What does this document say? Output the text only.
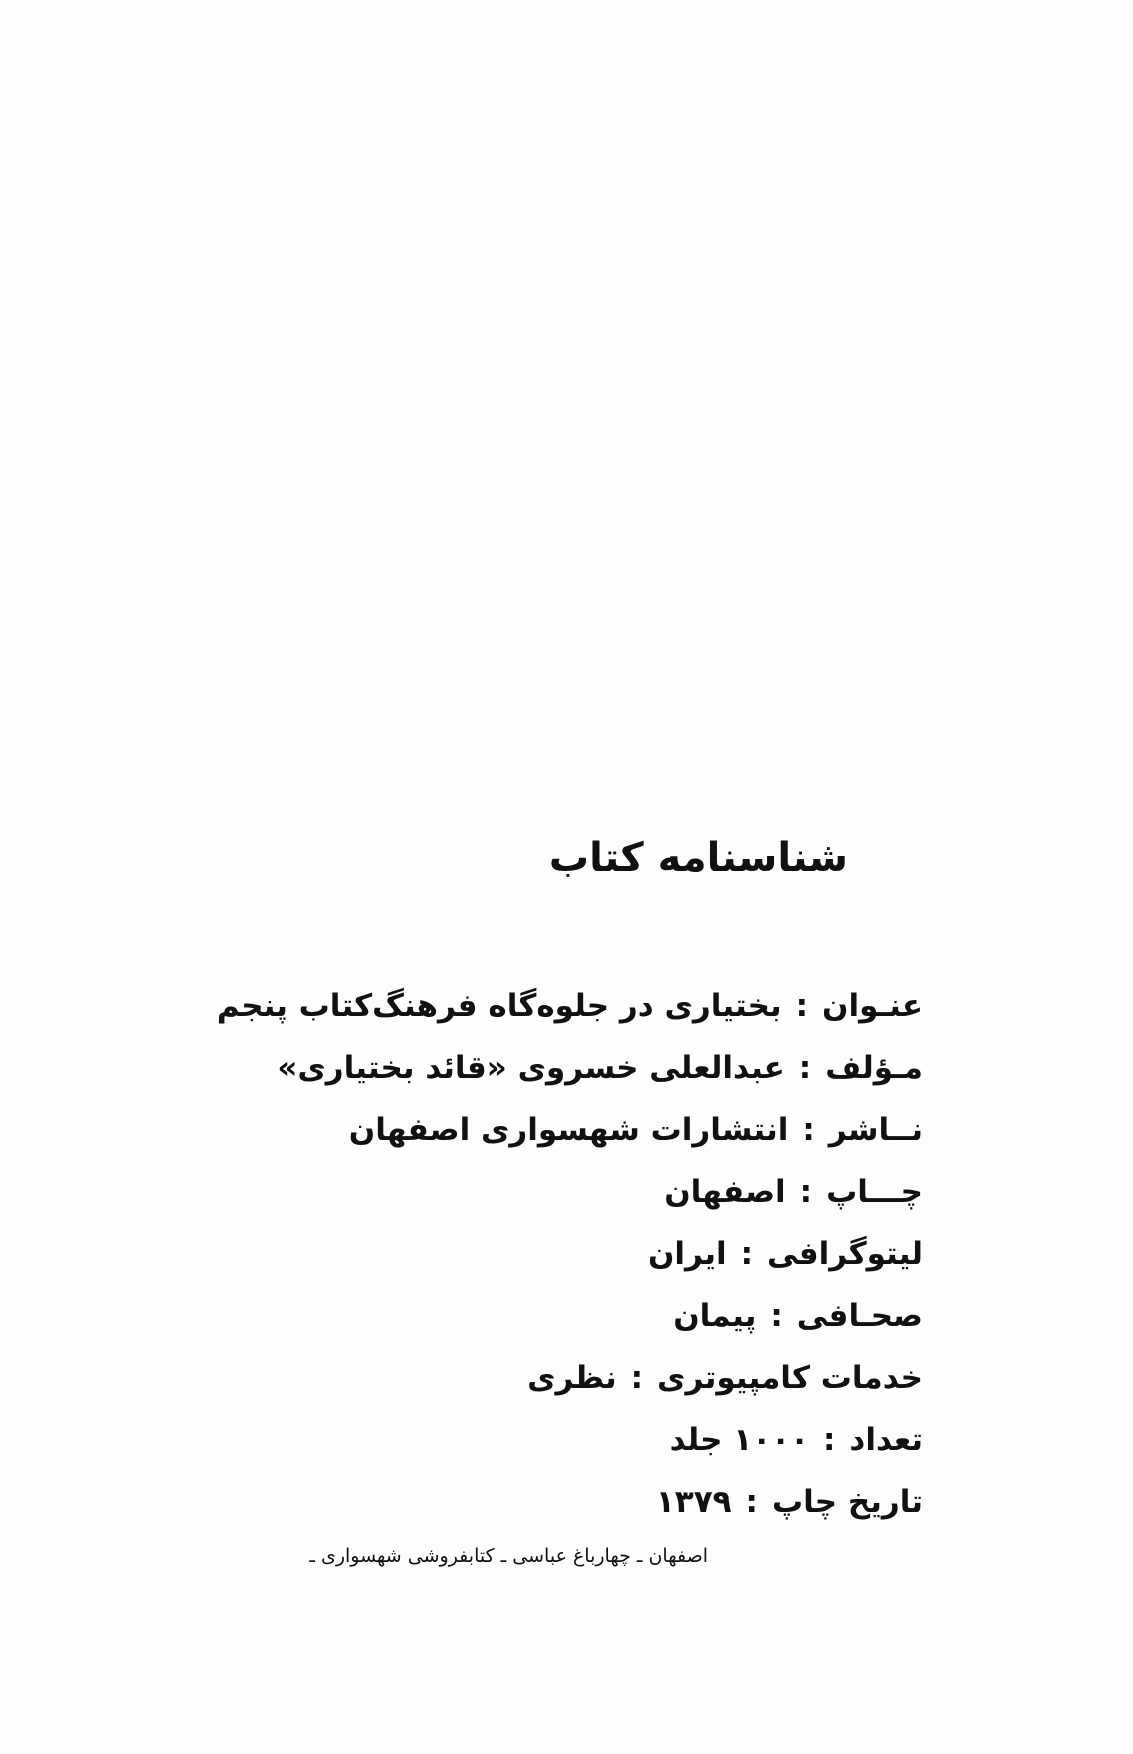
شناسنامه کتاب
عنـوان
:
بختیاری در جلوه‌گاه فرهنگ‌کتاب پنجم
مـؤلف
:
عبدالعلی خسروی «قائد بختیاری»
نــاشر
:
انتشارات شهسواری اصفهان
چـــاپ
:
اصفهان
لیتوگرافی
:
ایران
صحـافی
:
پیمان
خدمات کامپیوتری
:
نظری
تعداد
:
۱۰۰۰ جلد
تاریخ چاپ
:
۱۳۷۹

اصفهان ـ چهارباغ عباسی ـ کتابفروشی شهسواری ـ
